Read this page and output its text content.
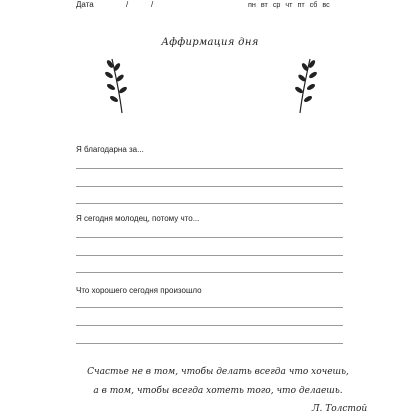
Дата	/	/	пн вт ср чт пт сб вс
Аффирмация дня
Я благодарна за...
Я сегодня молодец, потому что...
Что хорошего сегодня произошло
Счастье не в том, чтобы делать всегда что хочешь,
а в том, чтобы всегда хотеть того, что делаешь.
Л. Толстой
